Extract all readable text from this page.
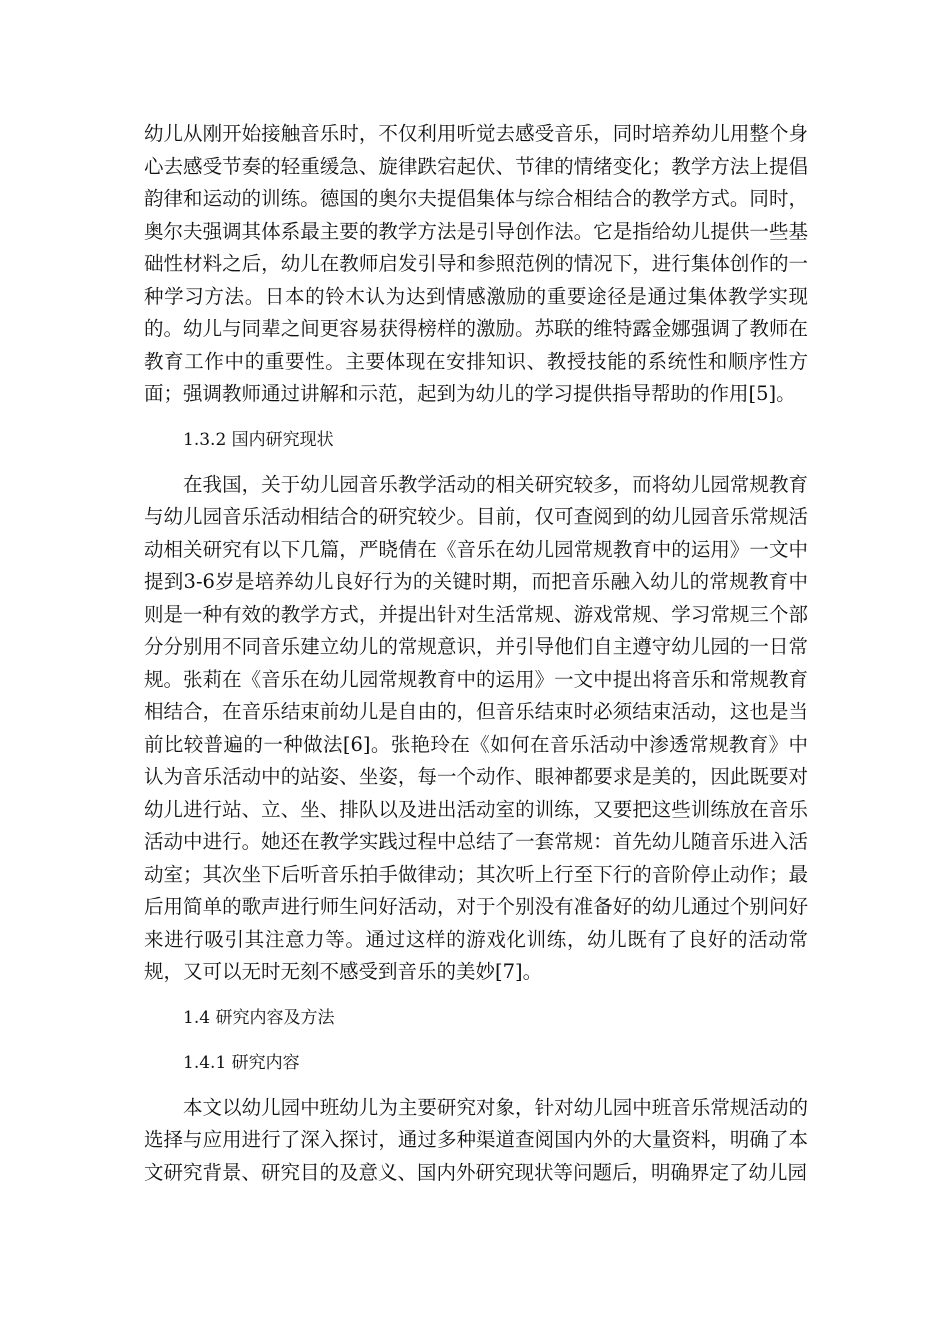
幼儿从刚开始接触音乐时，不仅利用听觉去感受音乐，同时培养幼儿用整个身心去感受节奏的轻重缓急、旋律跌宕起伏、节律的情绪变化；教学方法上提倡韵律和运动的训练。德国的奥尔夫提倡集体与综合相结合的教学方式。同时，奥尔夫强调其体系最主要的教学方法是引导创作法。它是指给幼儿提供一些基础性材料之后，幼儿在教师启发引导和参照范例的情况下，进行集体创作的一种学习方法。日本的铃木认为达到情感激励的重要途径是通过集体教学实现的。幼儿与同辈之间更容易获得榜样的激励。苏联的维特露金娜强调了教师在教育工作中的重要性。主要体现在安排知识、教授技能的系统性和顺序性方面；强调教师通过讲解和示范，起到为幼儿的学习提供指导帮助的作用[5]。

1.3.2 国内研究现状

在我国，关于幼儿园音乐教学活动的相关研究较多，而将幼儿园常规教育与幼儿园音乐活动相结合的研究较少。目前，仅可查阅到的幼儿园音乐常规活动相关研究有以下几篇，严晓倩在《音乐在幼儿园常规教育中的运用》一文中提到3-6岁是培养幼儿良好行为的关键时期，而把音乐融入幼儿的常规教育中则是一种有效的教学方式，并提出针对生活常规、游戏常规、学习常规三个部分分别用不同音乐建立幼儿的常规意识，并引导他们自主遵守幼儿园的一日常规。张莉在《音乐在幼儿园常规教育中的运用》一文中提出将音乐和常规教育相结合，在音乐结束前幼儿是自由的，但音乐结束时必须结束活动，这也是当前比较普遍的一种做法[6]。张艳玲在《如何在音乐活动中渗透常规教育》中认为音乐活动中的站姿、坐姿，每一个动作、眼神都要求是美的，因此既要对幼儿进行站、立、坐、排队以及进出活动室的训练，又要把这些训练放在音乐活动中进行。她还在教学实践过程中总结了一套常规：首先幼儿随音乐进入活动室；其次坐下后听音乐拍手做律动；其次听上行至下行的音阶停止动作；最后用简单的歌声进行师生问好活动，对于个别没有准备好的幼儿通过个别问好来进行吸引其注意力等。通过这样的游戏化训练，幼儿既有了良好的活动常规，又可以无时无刻不感受到音乐的美妙[7]。

1.4 研究内容及方法

1.4.1 研究内容

本文以幼儿园中班幼儿为主要研究对象，针对幼儿园中班音乐常规活动的选择与应用进行了深入探讨，通过多种渠道查阅国内外的大量资料，明确了本文研究背景、研究目的及意义、国内外研究现状等问题后，明确界定了幼儿园
